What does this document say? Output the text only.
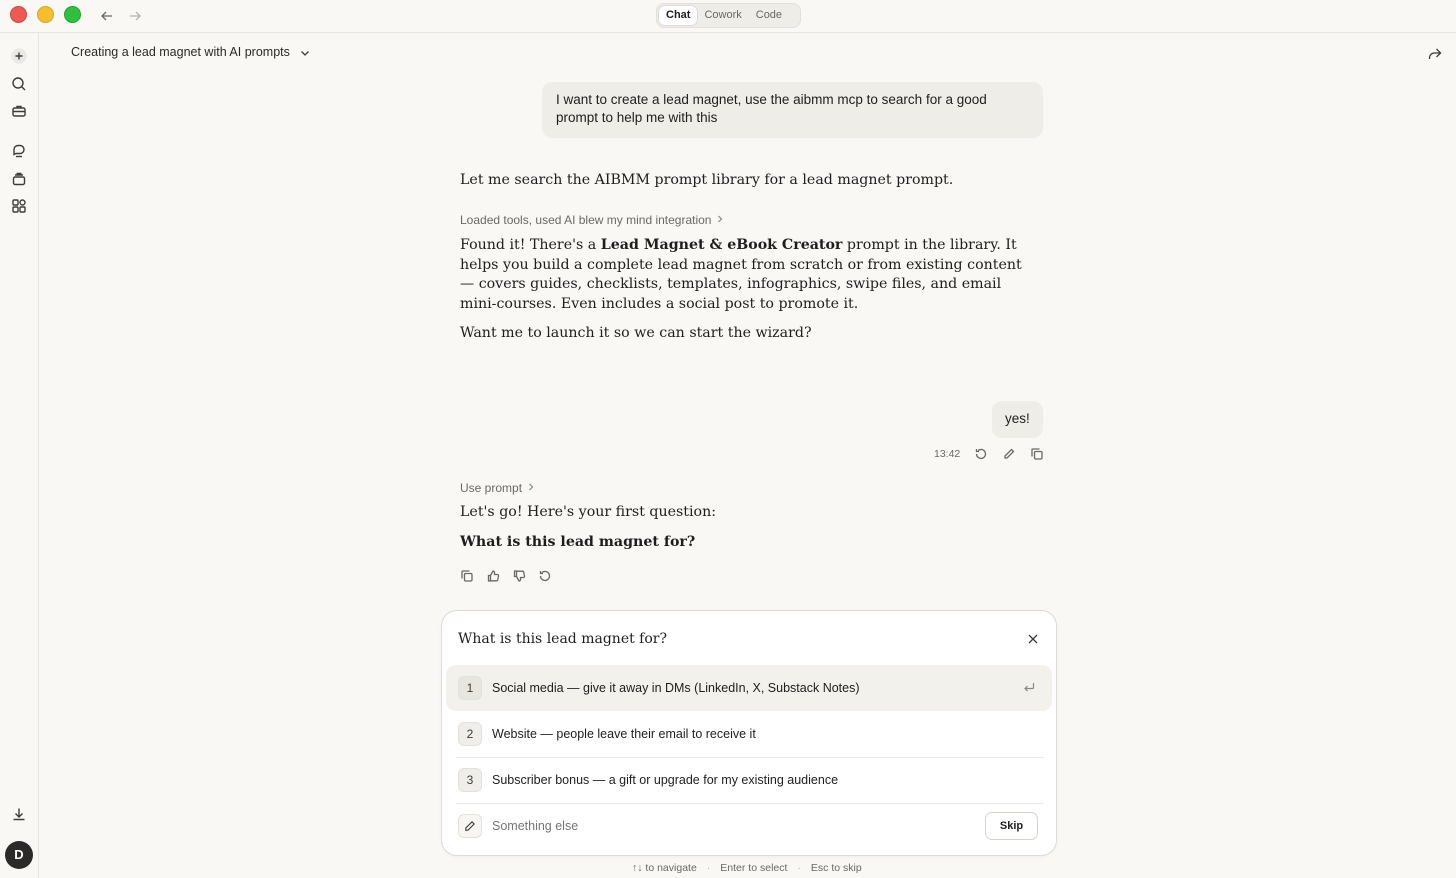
Chat	Cowork	Code
D
Creating a lead magnet with AI prompts
I want to create a lead magnet, use the aibmm mcp to search for a good prompt to help me with this
Let me search the AIBMM prompt library for a lead magnet prompt.
Loaded tools, used AI blew my mind integration
Found it! There's a Lead Magnet & eBook Creator prompt in the library. It helps you build a complete lead magnet from scratch or from existing content — covers guides, checklists, templates, infographics, swipe files, and email mini-courses. Even includes a social post to promote it.
Want me to launch it so we can start the wizard?
yes!
13:42
Use prompt
Let's go! Here's your first question:
What is this lead magnet for?
What is this lead magnet for?
1	Social media — give it away in DMs (LinkedIn, X, Substack Notes)
2	Website — people leave their email to receive it
3	Subscriber bonus — a gift or upgrade for my existing audience
Something else
Skip
↑↓ to navigate · Enter to select · Esc to skip
